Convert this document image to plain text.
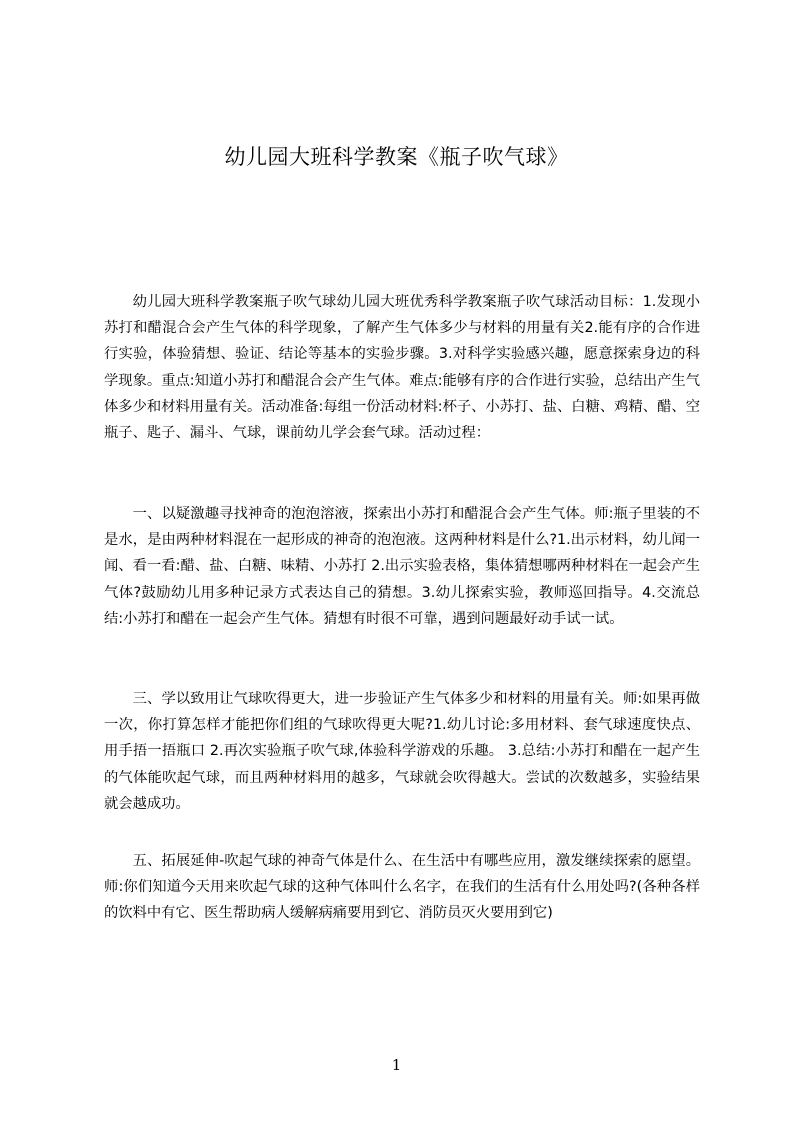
幼儿园大班科学教案《瓶子吹气球》

幼儿园大班科学教案瓶子吹气球幼儿园大班优秀科学教案瓶子吹气球活动目标：1.发现小苏打和醋混合会产生气体的科学现象，了解产生气体多少与材料的用量有关2.能有序的合作进行实验，体验猜想、验证、结论等基本的实验步骤。3.对科学实验感兴趣，愿意探索身边的科学现象。重点:知道小苏打和醋混合会产生气体。难点:能够有序的合作进行实验，总结出产生气体多少和材料用量有关。活动准备:每组一份活动材料:杯子、小苏打、盐、白糖、鸡精、醋、空瓶子、匙子、漏斗、气球，课前幼儿学会套气球。活动过程：

一、以疑激趣寻找神奇的泡泡溶液，探索出小苏打和醋混合会产生气体。师:瓶子里装的不是水，是由两种材料混在一起形成的神奇的泡泡液。这两种材料是什么?1.出示材料，幼儿闻一闻、看一看:醋、盐、白糖、味精、小苏打 2.出示实验表格，集体猜想哪两种材料在一起会产生气体?鼓励幼儿用多种记录方式表达自己的猜想。3.幼儿探索实验，教师巡回指导。4.交流总结:小苏打和醋在一起会产生气体。猜想有时很不可靠，遇到问题最好动手试一试。

三、学以致用让气球吹得更大，进一步验证产生气体多少和材料的用量有关。师:如果再做一次，你打算怎样才能把你们组的气球吹得更大呢?1.幼儿讨论:多用材料、套气球速度快点、用手捂一捂瓶口 2.再次实验瓶子吹气球,体验科学游戏的乐趣。 3.总结:小苏打和醋在一起产生的气体能吹起气球，而且两种材料用的越多，气球就会吹得越大。尝试的次数越多，实验结果就会越成功。

五、拓展延伸-吹起气球的神奇气体是什么、在生活中有哪些应用，激发继续探索的愿望。师:你们知道今天用来吹起气球的这种气体叫什么名字，在我们的生活有什么用处吗?(各种各样的饮料中有它、医生帮助病人缓解病痛要用到它、消防员灭火要用到它)

1
